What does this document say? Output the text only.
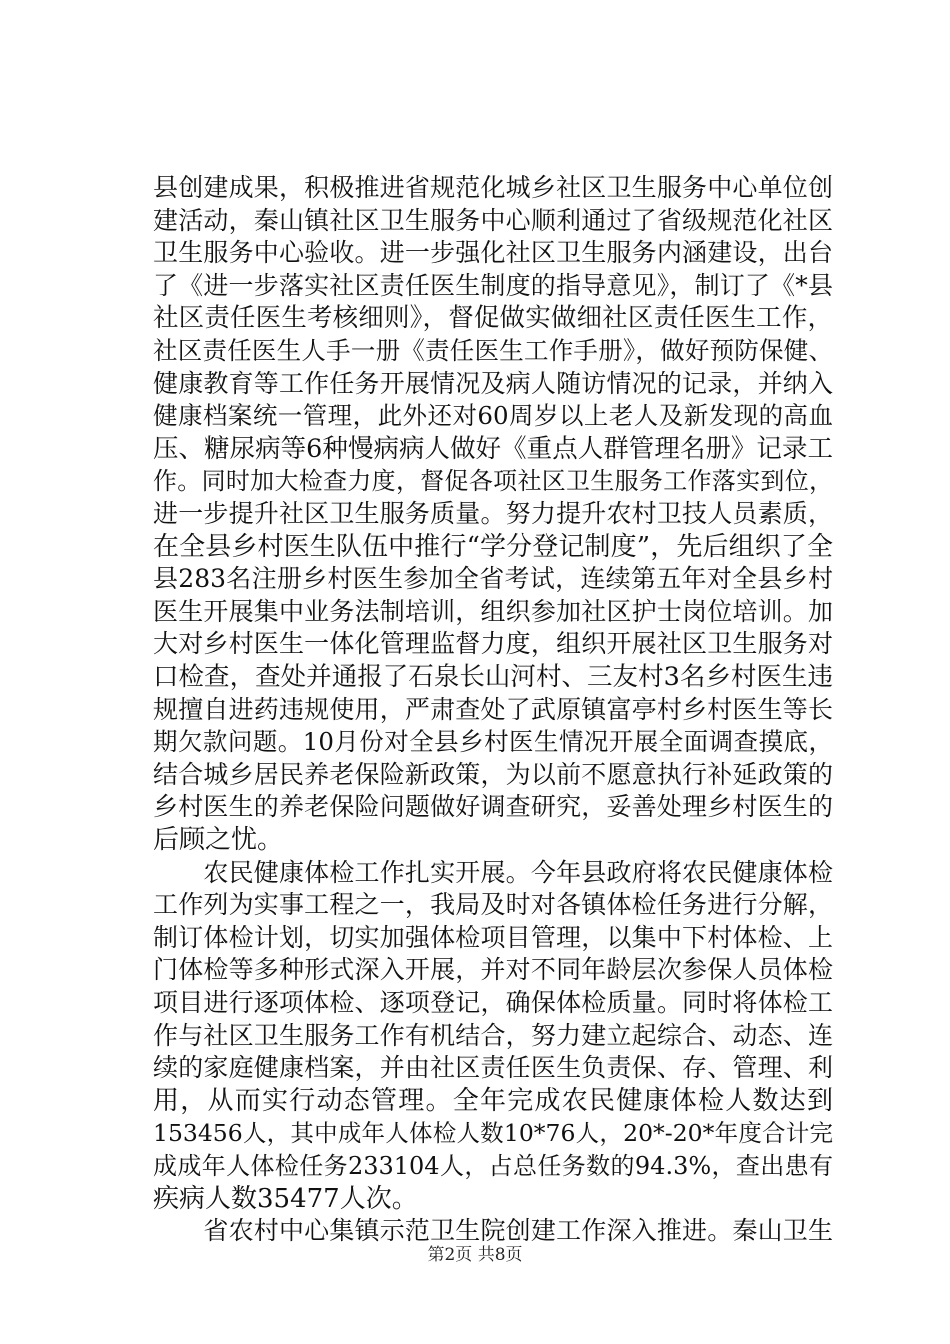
县创建成果，积极推进省规范化城乡社区卫生服务中心单位创
建活动，秦山镇社区卫生服务中心顺利通过了省级规范化社区
卫生服务中心验收。进一步强化社区卫生服务内涵建设，出台
了《进一步落实社区责任医生制度的指导意见》，制订了《*县
社区责任医生考核细则》，督促做实做细社区责任医生工作，
社区责任医生人手一册《责任医生工作手册》，做好预防保健、
健康教育等工作任务开展情况及病人随访情况的记录，并纳入
健康档案统一管理，此外还对60周岁以上老人及新发现的高血
压、糖尿病等6种慢病病人做好《重点人群管理名册》记录工
作。同时加大检查力度，督促各项社区卫生服务工作落实到位，
进一步提升社区卫生服务质量。努力提升农村卫技人员素质，
在全县乡村医生队伍中推行“学分登记制度”，先后组织了全
县283名注册乡村医生参加全省考试，连续第五年对全县乡村
医生开展集中业务法制培训，组织参加社区护士岗位培训。加
大对乡村医生一体化管理监督力度，组织开展社区卫生服务对
口检查，查处并通报了石泉长山河村、三友村3名乡村医生违
规擅自进药违规使用，严肃查处了武原镇富亭村乡村医生等长
期欠款问题。10月份对全县乡村医生情况开展全面调查摸底，
结合城乡居民养老保险新政策，为以前不愿意执行补延政策的
乡村医生的养老保险问题做好调查研究，妥善处理乡村医生的
后顾之忧。
　　农民健康体检工作扎实开展。今年县政府将农民健康体检
工作列为实事工程之一，我局及时对各镇体检任务进行分解，
制订体检计划，切实加强体检项目管理，以集中下村体检、上
门体检等多种形式深入开展，并对不同年龄层次参保人员体检
项目进行逐项体检、逐项登记，确保体检质量。同时将体检工
作与社区卫生服务工作有机结合，努力建立起综合、动态、连
续的家庭健康档案，并由社区责任医生负责保、存、管理、利
用，从而实行动态管理。全年完成农民健康体检人数达到
153456人，其中成年人体检人数10*76人，20*-20*年度合计完
成成年人体检任务233104人，占总任务数的94.3%，查出患有
疾病人数35477人次。
　　省农村中心集镇示范卫生院创建工作深入推进。秦山卫生
第2页 共8页
